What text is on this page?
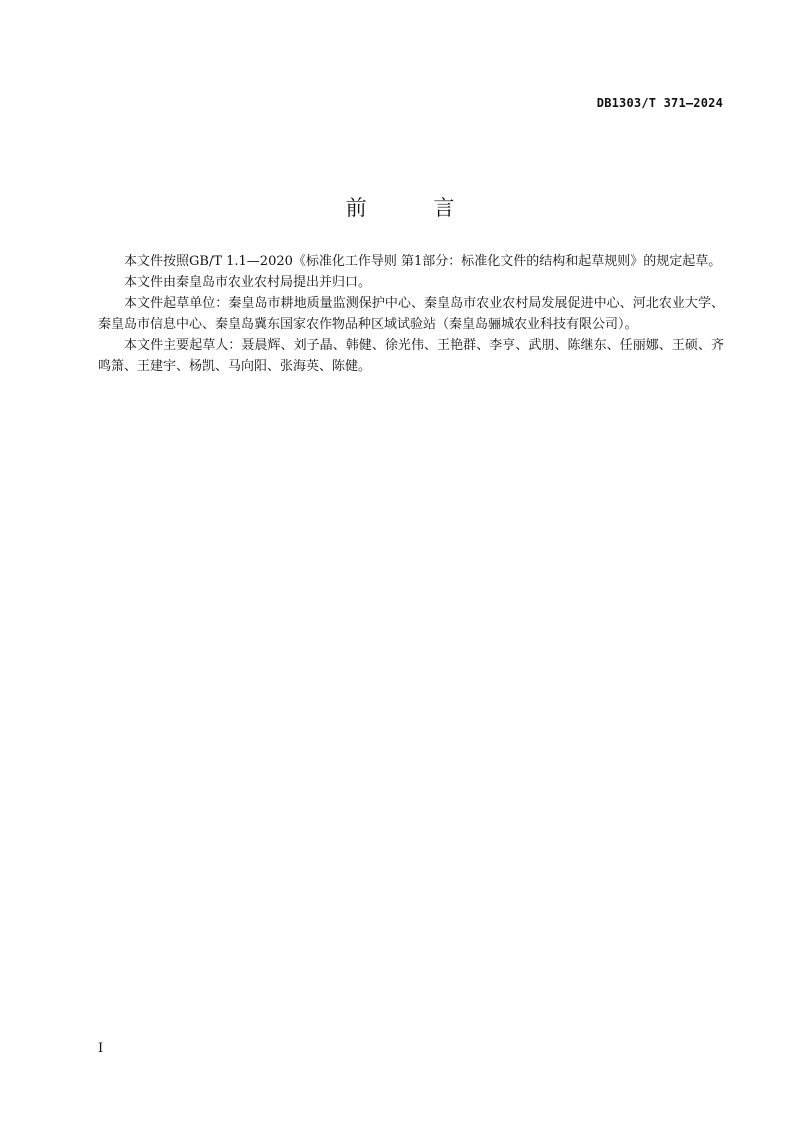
DB1303/T 371—2024
前 言

本文件按照GB/T 1.1—2020《标准化工作导则 第1部分：标准化文件的结构和起草规则》的规定起草。

本文件由秦皇岛市农业农村局提出并归口。

本文件起草单位：秦皇岛市耕地质量监测保护中心、秦皇岛市农业农村局发展促进中心、河北农业大学、秦皇岛市信息中心、秦皇岛冀东国家农作物品种区域试验站（秦皇岛骊城农业科技有限公司）。

本文件主要起草人：聂晨辉、刘子晶、韩健、徐光伟、王艳群、李亨、武朋、陈继东、任丽娜、王硕、齐鸣箫、王建宇、杨凯、马向阳、张海英、陈健。

I
